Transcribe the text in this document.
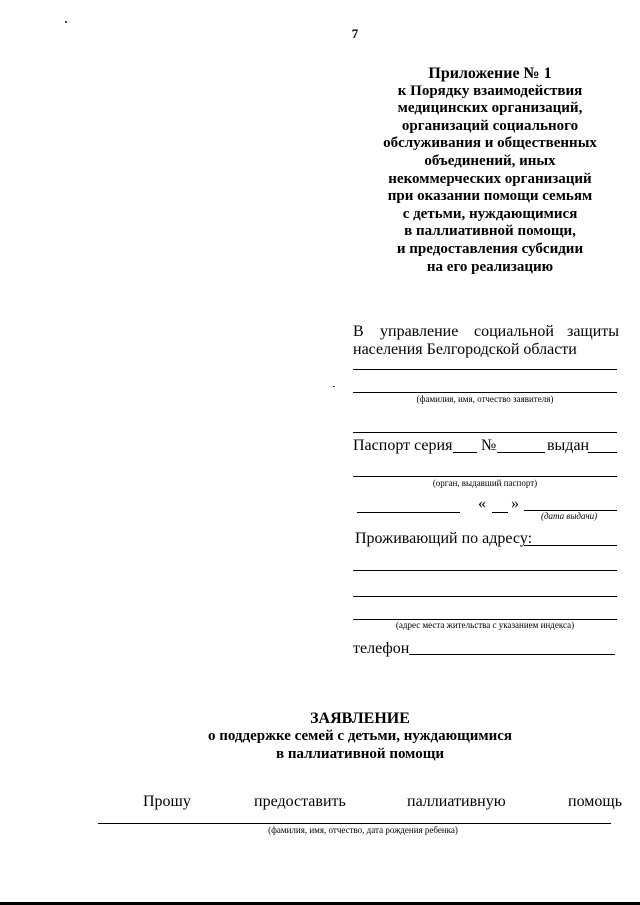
7
Приложение № 1
к Порядку взаимодействия
медицинских организаций,
организаций социального
обслуживания и общественных
объединений, иных
некоммерческих организаций
при оказании помощи семьям
с детьми, нуждающимися
в паллиативной помощи,
и предоставления субсидии
на его реализацию
В управление социальной защиты
населения Белгородской области
(фамилия, имя, отчество заявителя)
Паспорт серия №	выдан
(орган, выдавший паспорт)
« »
(дата выдачи)
Проживающий по адресу:
(адрес места жительства с указанием индекса)
телефон
ЗАЯВЛЕНИЕ
о поддержке семей с детьми, нуждающимися
в паллиативной помощи
Прошу	предоставить	паллиативную	помощь
(фамилия, имя, отчество, дата рождения ребенка)
